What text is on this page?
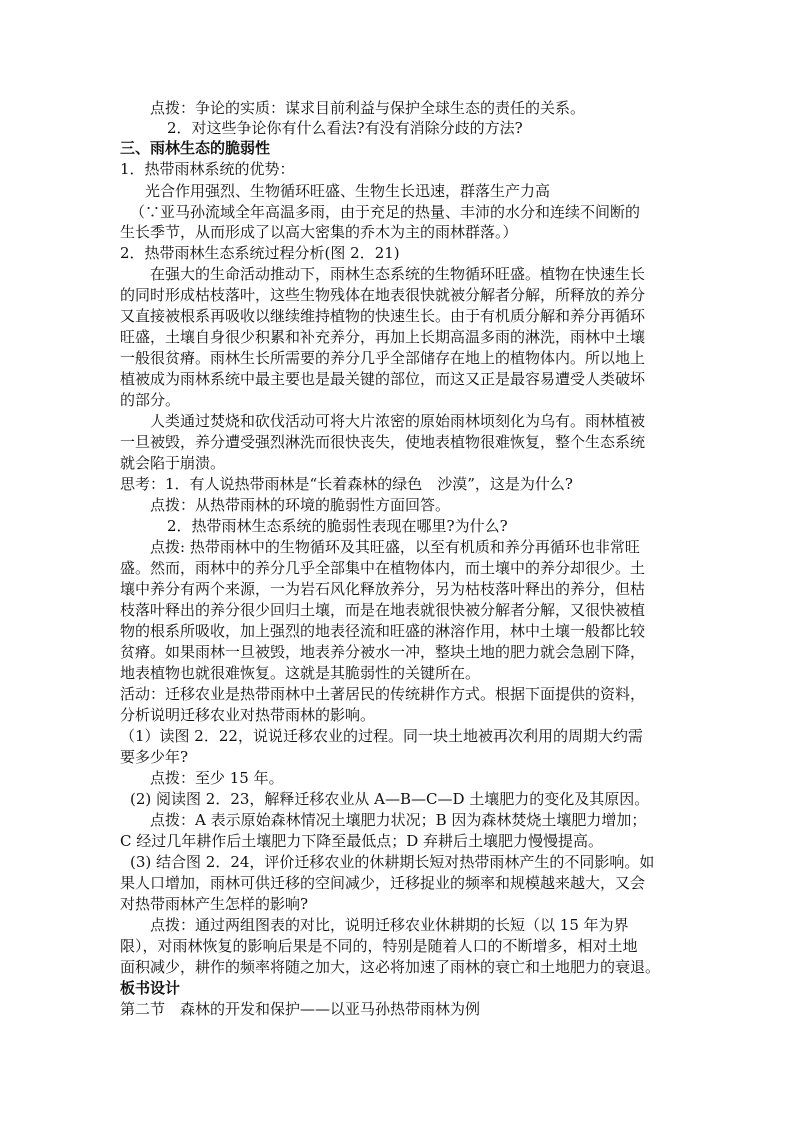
点拨：争论的实质：谋求目前利益与保护全球生态的责任的关系。
2．对这些争论你有什么看法?有没有消除分歧的方法?
三、雨林生态的脆弱性
1．热带雨林系统的优势：
光合作用强烈、生物循环旺盛、生物生长迅速，群落生产力高
（∵亚马孙流域全年高温多雨，由于充足的热量、丰沛的水分和连续不间断的
生长季节，从而形成了以高大密集的乔木为主的雨林群落。）
2．热带雨林生态系统过程分析(图 2．21)
在强大的生命活动推动下，雨林生态系统的生物循环旺盛。植物在快速生长
的同时形成枯枝落叶，这些生物残体在地表很快就被分解者分解，所释放的养分
又直接被根系再吸收以继续维持植物的快速生长。由于有机质分解和养分再循环
旺盛，土壤自身很少积累和补充养分，再加上长期高温多雨的淋洗，雨林中土壤
一般很贫瘠。雨林生长所需要的养分几乎全部储存在地上的植物体内。所以地上
植被成为雨林系统中最主要也是最关键的部位，而这又正是最容易遭受人类破坏
的部分。
人类通过焚烧和砍伐活动可将大片浓密的原始雨林顷刻化为乌有。雨林植被
一旦被毁，养分遭受强烈淋洗而很快丧失，使地表植物很难恢复，整个生态系统
就会陷于崩溃。
思考：1．有人说热带雨林是“长着森林的绿色　沙漠”，这是为什么?
点拨：从热带雨林的环境的脆弱性方面回答。
2．热带雨林生态系统的脆弱性表现在哪里?为什么?
点拨: 热带雨林中的生物循环及其旺盛，以至有机质和养分再循环也非常旺
盛。然而，雨林中的养分几乎全部集中在植物体内，而土壤中的养分却很少。土
壤中养分有两个来源，一为岩石风化释放养分，另为枯枝落叶释出的养分，但枯
枝落叶释出的养分很少回归土壤，而是在地表就很快被分解者分解，又很快被植
物的根系所吸收，加上强烈的地表径流和旺盛的淋溶作用，林中土壤一般都比较
贫瘠。如果雨林一旦被毁，地表养分被水一冲，整块土地的肥力就会急剧下降，
地表植物也就很难恢复。这就是其脆弱性的关键所在。
活动：迁移农业是热带雨林中土著居民的传统耕作方式。根据下面提供的资料，
分析说明迁移农业对热带雨林的影响。
（1）读图 2．22，说说迁移农业的过程。同一块土地被再次利用的周期大约需
要多少年?
点拨：至少 15 年。
(2) 阅读图 2．23，解释迁移农业从 A—B—C—D 土壤肥力的变化及其原因。
点拨：A 表示原始森林情况土壤肥力状况；B 因为森林焚烧土壤肥力增加；
C 经过几年耕作后土壤肥力下降至最低点；D 弃耕后土壤肥力慢慢提高。
(3) 结合图 2．24，评价迁移农业的休耕期长短对热带雨林产生的不同影响。如
果人口增加，雨林可供迁移的空间减少，迁移捉业的频率和规模越来越大，又会
对热带雨林产生怎样的影响?
点拨：通过两组图表的对比，说明迁移农业休耕期的长短（以 15 年为界
限），对雨林恢复的影响后果是不同的，特别是随着人口的不断增多，相对土地
面积减少，耕作的频率将随之加大，这必将加速了雨林的衰亡和土地肥力的衰退。
板书设计
第二节　森林的开发和保护——以亚马孙热带雨林为例
